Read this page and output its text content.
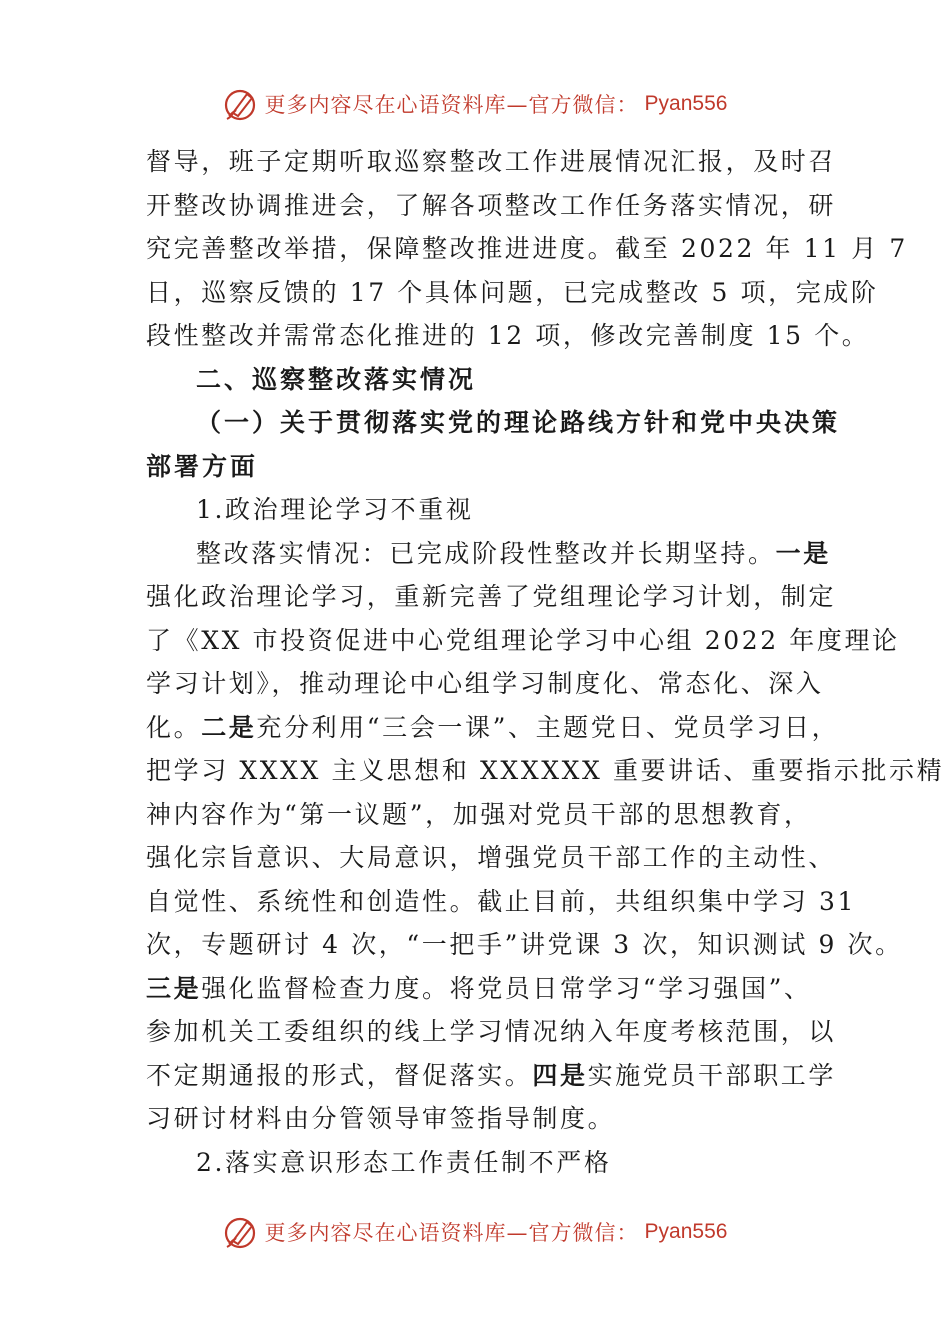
更多内容尽在心语资料库—官方微信： Pyan556

督导，班子定期听取巡察整改工作进展情况汇报，及时召
开整改协调推进会，了解各项整改工作任务落实情况，研
究完善整改举措，保障整改推进进度。截至 2022 年 11 月 7
日，巡察反馈的 17 个具体问题，已完成整改 5 项，完成阶
段性整改并需常态化推进的 12 项，修改完善制度 15 个。

二、巡察整改落实情况

（一）关于贯彻落实党的理论路线方针和党中央决策
部署方面

1.政治理论学习不重视

整改落实情况：已完成阶段性整改并长期坚持。一是
强化政治理论学习，重新完善了党组理论学习计划，制定
了《XX 市投资促进中心党组理论学习中心组 2022 年度理论
学习计划》，推动理论中心组学习制度化、常态化、深入
化。二是充分利用“三会一课”、主题党日、党员学习日，
把学习 XXXX 主义思想和 XXXXXX 重要讲话、重要指示批示精
神内容作为“第一议题”，加强对党员干部的思想教育，
强化宗旨意识、大局意识，增强党员干部工作的主动性、
自觉性、系统性和创造性。截止目前，共组织集中学习 31
次，专题研讨 4 次，“一把手”讲党课 3 次，知识测试 9 次。
三是强化监督检查力度。将党员日常学习“学习强国”、
参加机关工委组织的线上学习情况纳入年度考核范围，以
不定期通报的形式，督促落实。四是实施党员干部职工学
习研讨材料由分管领导审签指导制度。

2.落实意识形态工作责任制不严格

更多内容尽在心语资料库—官方微信： Pyan556
